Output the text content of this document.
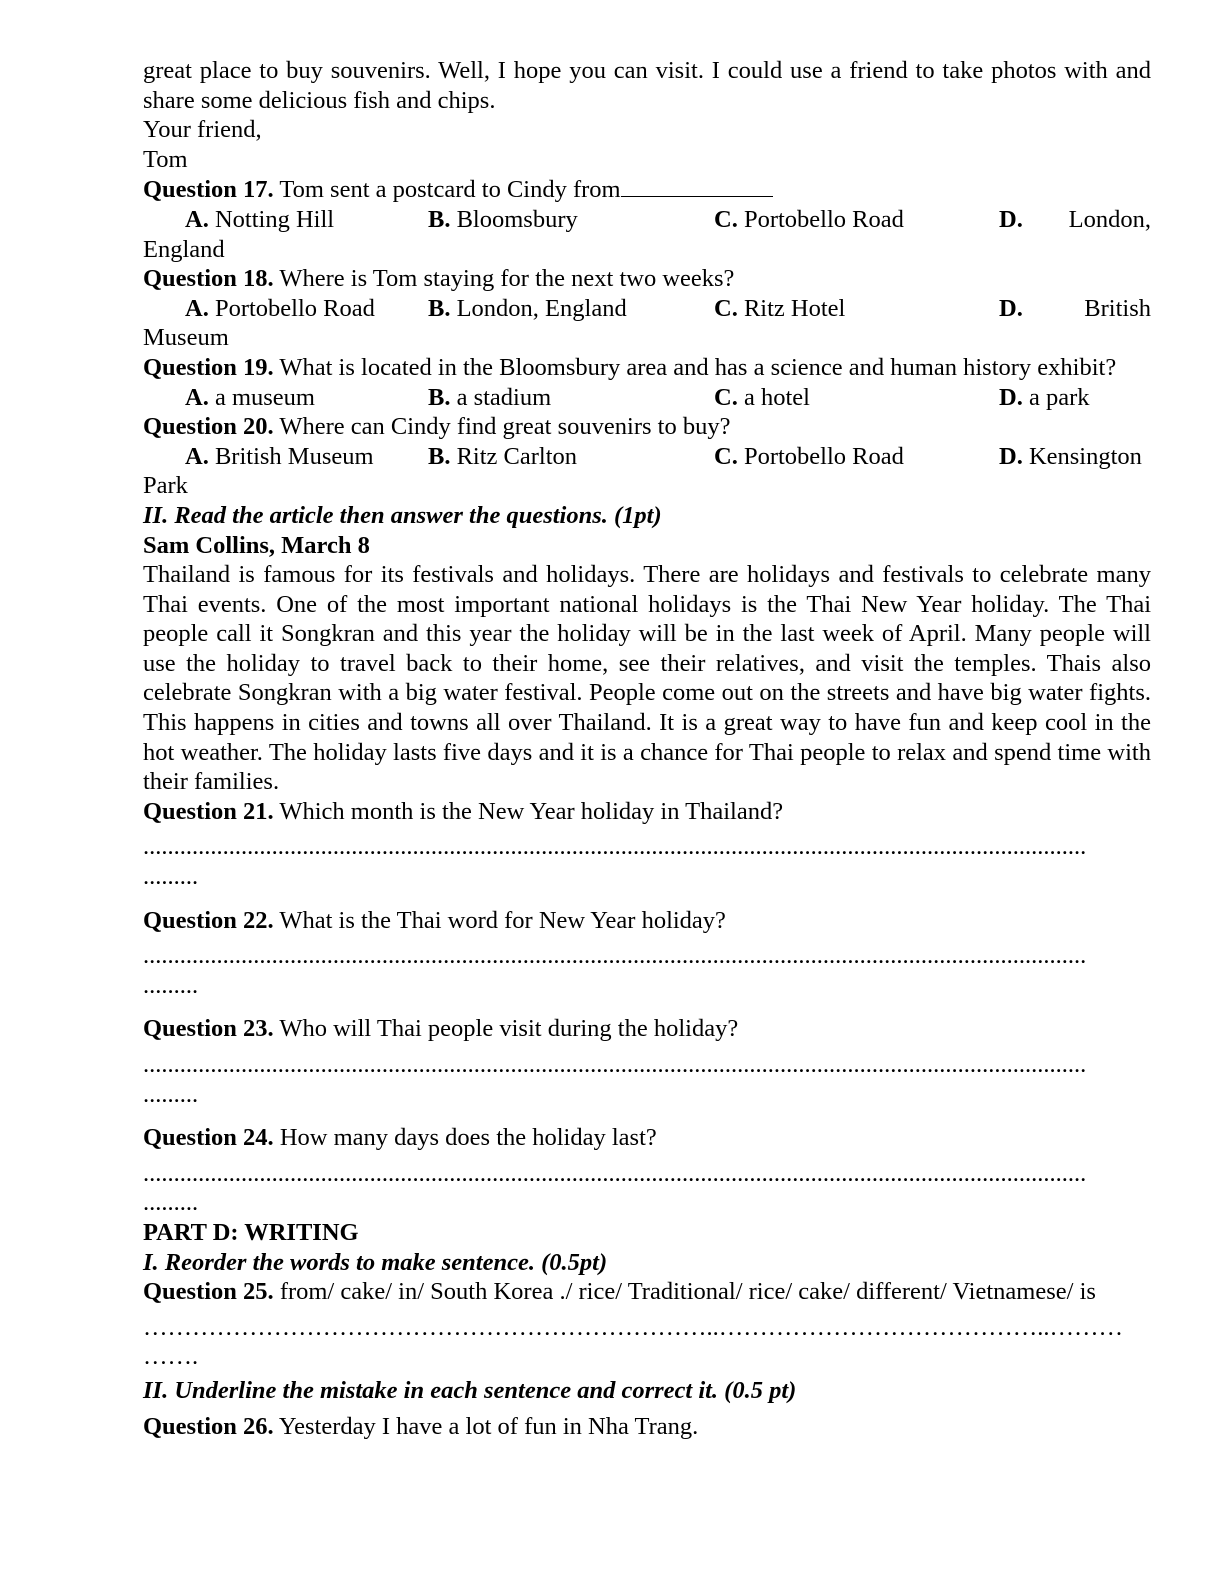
great place to buy souvenirs. Well, I hope you can visit. I could use a friend to take photos with and share some delicious fish and chips.

Your friend,

Tom

Question 17. Tom sent a postcard to Cindy from

A. Notting Hill	B. Bloomsbury	C. Portobello Road	D. London,

England

Question 18. Where is Tom staying for the next two weeks?

A. Portobello Road	B. London, England	C. Ritz Hotel	D.	British

Museum

Question 19. What is located in the Bloomsbury area and has a science and human history exhibit?

A. a museum	B. a stadium	C. a hotel	D. a park

Question 20. Where can Cindy find great souvenirs to buy?

A. British Museum	B. Ritz Carlton	C. Portobello Road	D. Kensington

Park

II. Read the article then answer the questions. (1pt)

Sam Collins, March 8

Thailand is famous for its festivals and holidays. There are holidays and festivals to celebrate many Thai events. One of the most important national holidays is the Thai New Year holiday. The Thai people call it Songkran and this year the holiday will be in the last week of April. Many people will use the holiday to travel back to their home, see their relatives, and visit the temples. Thais also celebrate Songkran with a big water festival. People come out on the streets and have big water fights. This happens in cities and towns all over Thailand. It is a great way to have fun and keep cool in the hot weather. The holiday lasts five days and it is a chance for Thai people to relax and spend time with their families.

Question 21. Which month is the New Year holiday in Thailand?

..........................................................................................................................................................

.........

Question 22. What is the Thai word for New Year holiday?

..........................................................................................................................................................

.........

Question 23. Who will Thai people visit during the holiday?

..........................................................................................................................................................

.........

Question 24. How many days does the holiday last?

..........................................................................................................................................................

.........

PART D: WRITING

I. Reorder the words to make sentence. (0.5pt)

Question 25. from/ cake/ in/ South Korea ./ rice/ Traditional/ rice/ cake/ different/ Vietnamese/ is

……………………………………………………………..…………………………………..………

…….

II. Underline the mistake in each sentence and correct it. (0.5 pt)

Question 26. Yesterday I have a lot of fun in Nha Trang.
